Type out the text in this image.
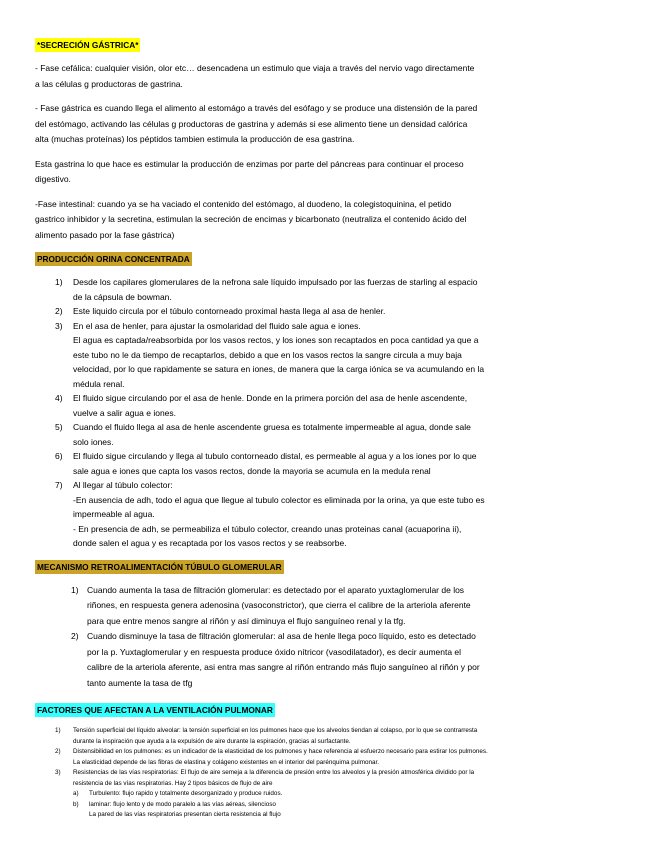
*SECRECIÓN GÁSTRICA*

- Fase cefálica: cualquier visión, olor etc… desencadena un estimulo que viaja a través del nervio vago directamente
a las células g productoras de gastrina.

- Fase gástrica es cuando llega el alimento al estomágo a través del esófago y se produce una distensión de la pared
del estómago, activando las células g productoras de gastrina y además si ese alimento tiene un densidad calórica
alta (muchas proteínas) los péptidos tambien estimula la producción de esa gastrina.

Esta gastrina lo que hace es estimular la producción de enzimas por parte del páncreas para continuar el proceso
digestivo.

-Fase intestinal: cuando ya se ha vaciado el contenido del estómago, al duodeno, la colegistoquinina, el petido
gastrico inhibidor y la secretina, estimulan la secreción de encimas y bicarbonato (neutraliza el contenido ácido del
alimento pasado por la fase gástrica)

PRODUCCIÓN ORINA CONCENTRADA
1) Desde los capilares glomerulares de la nefrona sale líquido impulsado por las fuerzas de starling al espacio
de la cápsula de bowman.
2) Este liquido circula por el túbulo contorneado proximal hasta llega al asa de henler.
3) En el asa de henler, para ajustar la osmolaridad del fluido sale agua e iones.
El agua es captada/reabsorbida por los vasos rectos, y los iones son recaptados en poca cantidad ya que a
este tubo no le da tiempo de recaptarlos, debido a que en los vasos rectos la sangre circula a muy baja
velocidad, por lo que rapidamente se satura en iones, de manera que la carga iónica se va acumulando en la
médula renal.
4) El fluido sigue circulando por el asa de henle. Donde en la primera porción del asa de henle ascendente,
vuelve a salir agua e iones.
5) Cuando el fluido llega al asa de henle ascendente gruesa es totalmente impermeable al agua, donde sale
solo iones.
6) El fluido sigue circulando y llega al tubulo contorneado distal, es permeable al agua y a los iones por lo que
sale agua e iones que capta los vasos rectos, donde la mayoria se acumula en la medula renal
7) Al llegar al túbulo colector:
-En ausencia de adh, todo el agua que llegue al tubulo colector es eliminada por la orina, ya que este tubo es
impermeable al agua.
- En presencia de adh, se permeabiliza el túbulo colector, creando unas proteinas canal (acuaporina ii),
donde salen el agua y es recaptada por los vasos rectos y se reabsorbe.
MECANISMO RETROALIMENTACIÓN TÚBULO GLOMERULAR
1) Cuando aumenta la tasa de filtración glomerular: es detectado por el aparato yuxtaglomerular de los
riñones, en respuesta genera adenosina (vasoconstrictor), que cierra el calibre de la arteriola aferente
para que entre menos sangre al riñón y así diminuya el flujo sanguíneo renal y la tfg.
2) Cuando disminuye la tasa de filtración glomerular: al asa de henle llega poco líquido, esto es detectado
por la p. Yuxtaglomerular y en respuesta produce óxido nítricor (vasodilatador), es decir aumenta el
calibre de la arteriola aferente, asi entra mas sangre al riñón entrando más flujo sanguíneo al riñón y por
tanto aumente la tasa de tfg
FACTORES QUE AFECTAN A LA VENTILACIÓN PULMONAR
1) Tensión superficial del líquido alveolar: la tensión superficial en los pulmones hace que los alveolos tiendan al colapso, por lo que se contrarresta
durante la inspiración que ayuda a la expulsión de aire durante la espiración, gracias al surfactante.
2) Distensibilidad en los pulmones: es un indicador de la elasticidad de los pulmones y hace referencia al esfuerzo necesario para estirar los pulmones.
La elasticidad depende de las fibras de elastina y colágeno existentes en el interior del parénquima pulmonar.
3) Resistencias de las vías respiratorias: El flujo de aire semeja a la diferencia de presión entre los alveolos y la presión atmosférica dividido por la
resistencia de las vías respiratorias. Hay 2 tipos básicos de flujo de aire
a) Turbulento: flujo rapido y totalmente desorganizado y produce ruidos.
b) laminar: flujo lento y de modo paralelo a las vías aéreas, silencioso
La pared de las vías respiratorias presentan cierta resistencia al flujo
